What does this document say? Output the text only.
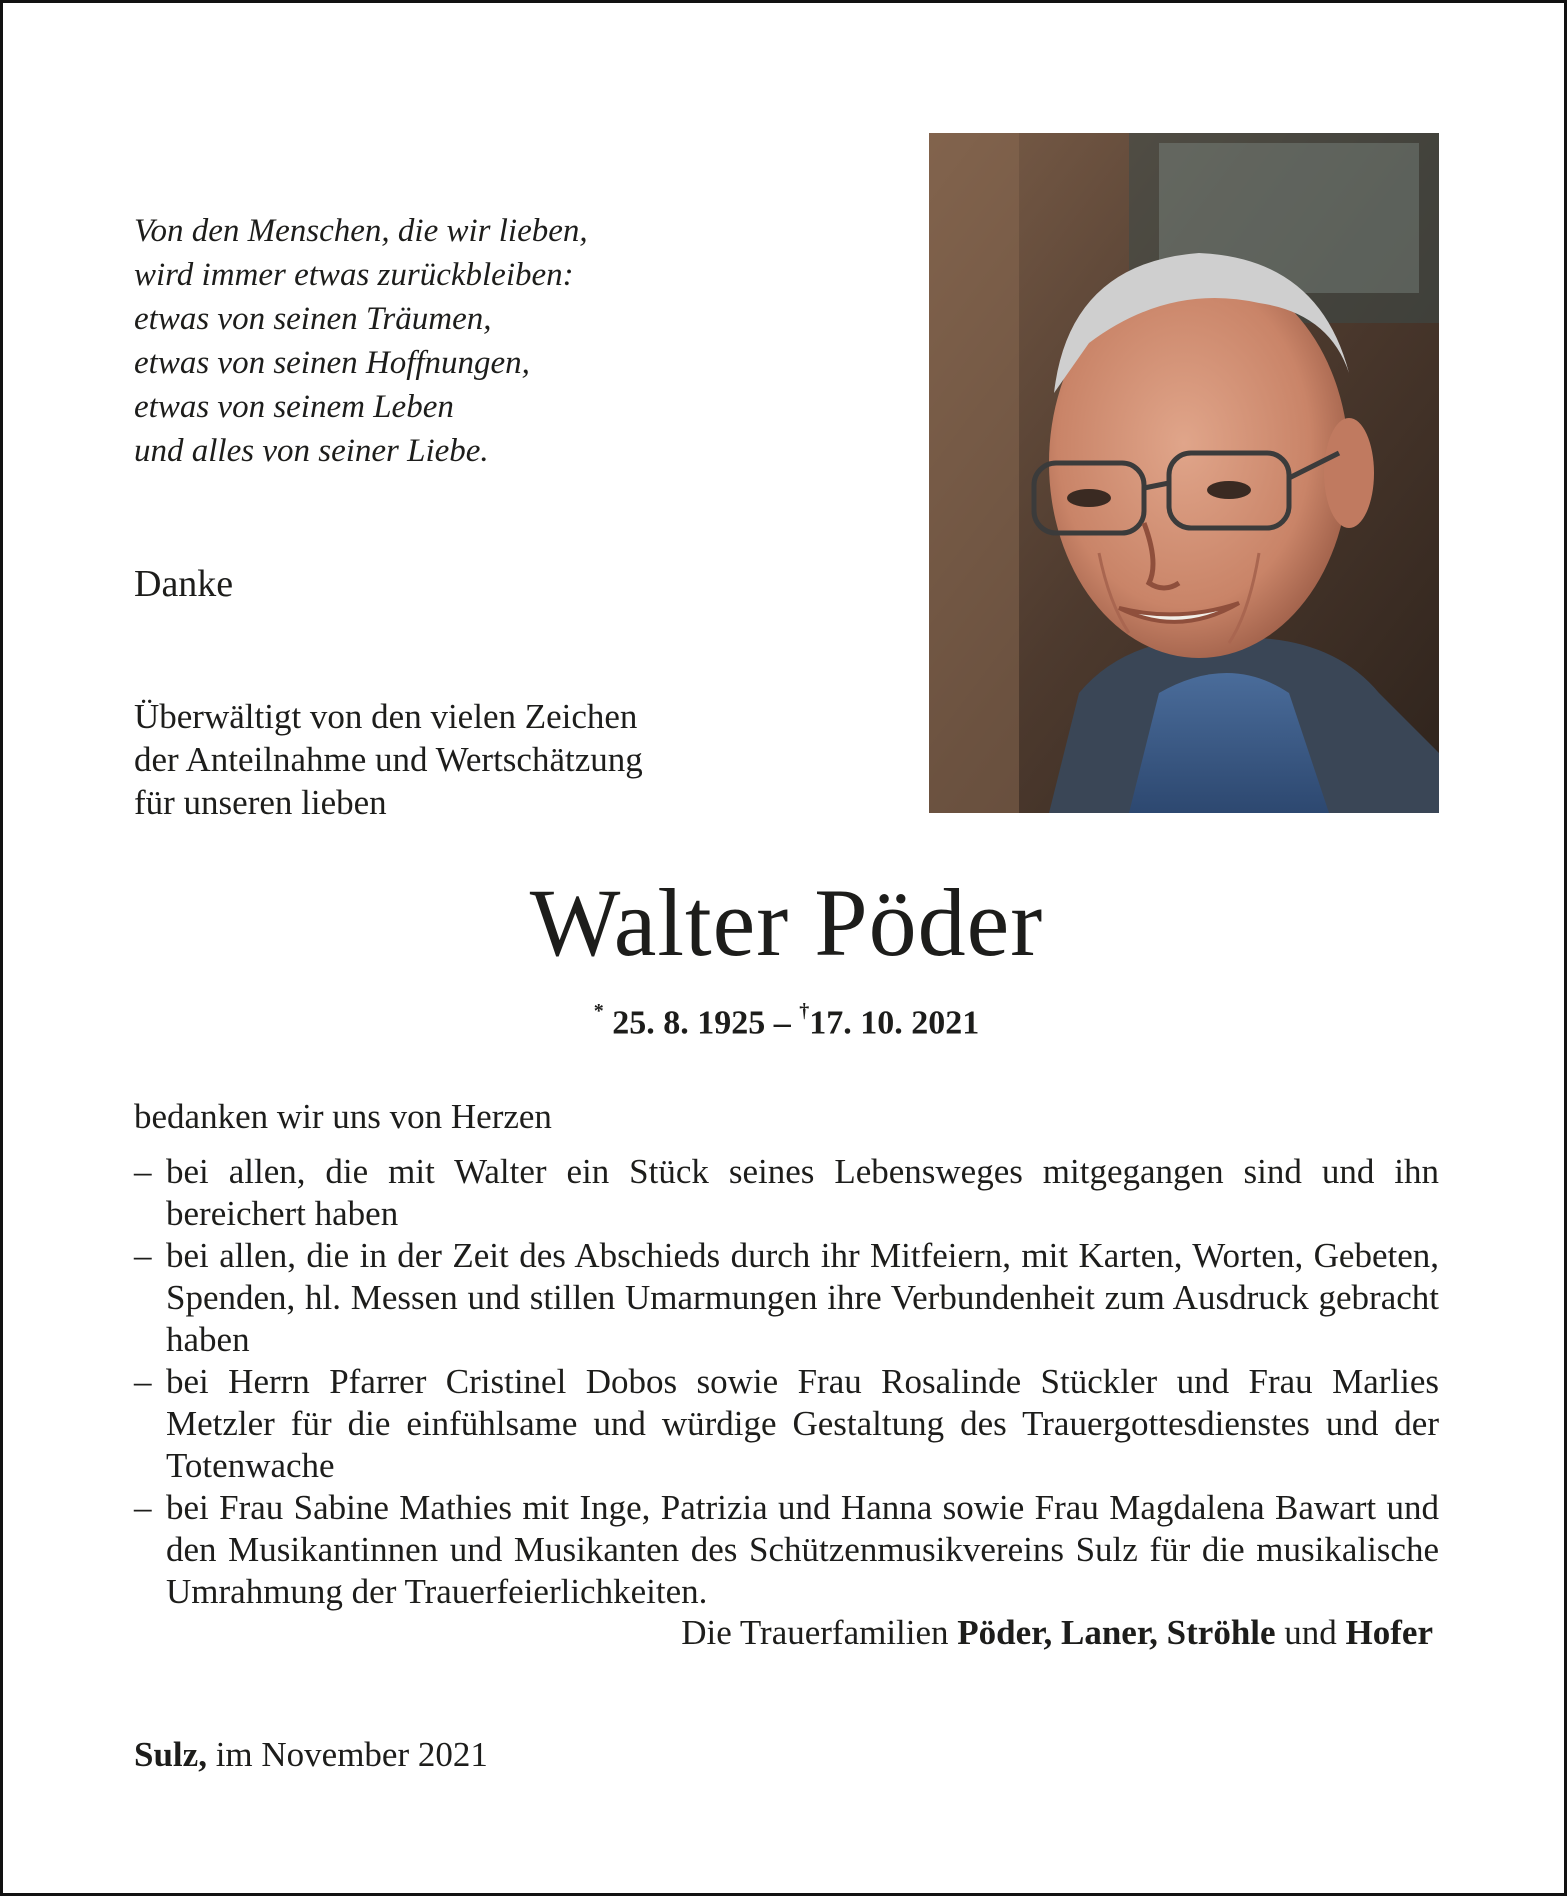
Von den Menschen, die wir lieben,
wird immer etwas zurückbleiben:
etwas von seinen Träumen,
etwas von seinen Hoffnungen,
etwas von seinem Leben
und alles von seiner Liebe.
Danke
Überwältigt von den vielen Zeichen
der Anteilnahme und Wertschätzung
für unseren lieben
Walter Pöder
* 25. 8. 1925 – †17. 10. 2021
bedanken wir uns von Herzen
– bei allen, die mit Walter ein Stück seines Lebensweges mitgegangen sind und ihn bereichert haben
– bei allen, die in der Zeit des Abschieds durch ihr Mitfeiern, mit Karten, Worten, Gebeten, Spenden, hl. Messen und stillen Umarmungen ihre Verbundenheit zum Ausdruck gebracht haben
– bei Herrn Pfarrer Cristinel Dobos sowie Frau Rosalinde Stückler und Frau Marlies Metzler für die einfühlsame und würdige Gestaltung des Trauergottesdienstes und der Totenwache
– bei Frau Sabine Mathies mit Inge, Patrizia und Hanna sowie Frau Magdalena Bawart und den Musikantinnen und Musikanten des Schützenmusikvereins Sulz für die musikalische Umrahmung der Trauerfeierlichkeiten.
Die Trauerfamilien Pöder, Laner, Ströhle und Hofer
Sulz, im November 2021
